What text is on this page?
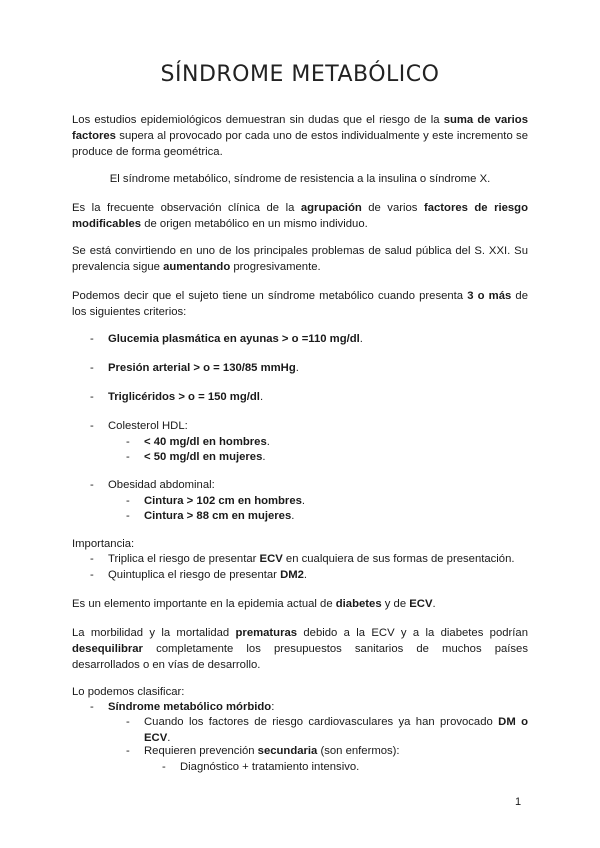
SÍNDROME METABÓLICO

Los estudios epidemiológicos demuestran sin dudas que el riesgo de la suma de varios factores supera al provocado por cada uno de estos individualmente y este incremento se produce de forma geométrica.

El síndrome metabólico, síndrome de resistencia a la insulina o síndrome X.

Es la frecuente observación clínica de la agrupación de varios factores de riesgo modificables de origen metabólico en un mismo individuo.

Se está convirtiendo en uno de los principales problemas de salud pública del S. XXI. Su prevalencia sigue aumentando progresivamente.

Podemos decir que el sujeto tiene un síndrome metabólico cuando presenta 3 o más de los siguientes criterios:

- Glucemia plasmática en ayunas > o =110 mg/dl.
- Presión arterial > o = 130/85 mmHg.
- Triglicéridos > o = 150 mg/dl.
- Colesterol HDL:
- < 40 mg/dl en hombres.
- < 50 mg/dl en mujeres.
- Obesidad abdominal:
- Cintura > 102 cm en hombres.
- Cintura > 88 cm en mujeres.
Importancia:
- Triplica el riesgo de presentar ECV en cualquiera de sus formas de presentación.
- Quintuplica el riesgo de presentar DM2.

Es un elemento importante en la epidemia actual de diabetes y de ECV.

La morbilidad y la mortalidad prematuras debido a la ECV y a la diabetes podrían desequilibrar completamente los presupuestos sanitarios de muchos países desarrollados o en vías de desarrollo.

Lo podemos clasificar:
- Síndrome metabólico mórbido:
- Cuando los factores de riesgo cardiovasculares ya han provocado DM o ECV.
- Requieren prevención secundaria (son enfermos):
- Diagnóstico + tratamiento intensivo.
1
